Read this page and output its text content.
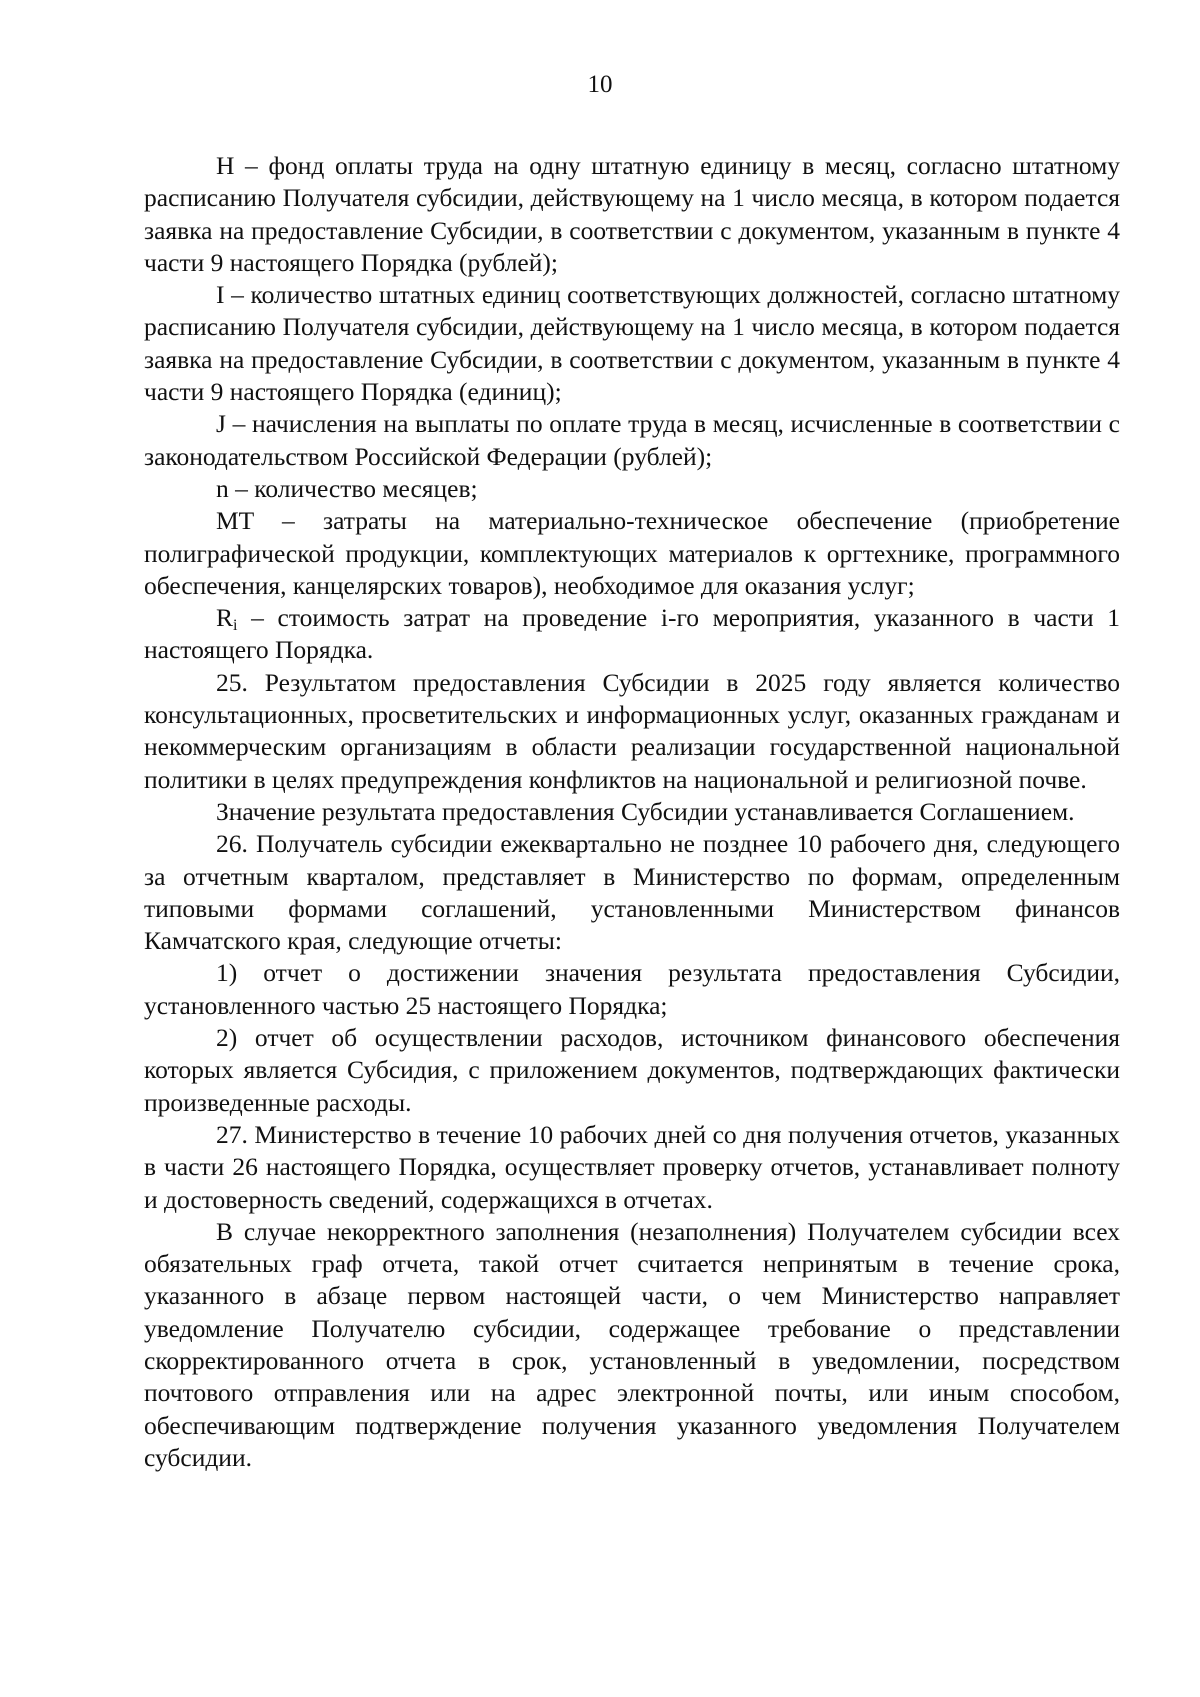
10

H – фонд оплаты труда на одну штатную единицу в месяц, согласно штатному расписанию Получателя субсидии, действующему на 1 число месяца, в котором подается заявка на предоставление Субсидии, в соответствии с документом, указанным в пункте 4 части 9 настоящего Порядка (рублей);

I – количество штатных единиц соответствующих должностей, согласно штатному расписанию Получателя субсидии, действующему на 1 число месяца, в котором подается заявка на предоставление Субсидии, в соответствии с документом, указанным в пункте 4 части 9 настоящего Порядка (единиц);

J – начисления на выплаты по оплате труда в месяц, исчисленные в соответствии с законодательством Российской Федерации (рублей);

n – количество месяцев;

MT – затраты на материально-техническое обеспечение (приобретение полиграфической продукции, комплектующих материалов к оргтехнике, программного обеспечения, канцелярских товаров), необходимое для оказания услуг;

$R_i$ – стоимость затрат на проведение i-го мероприятия, указанного в части 1 настоящего Порядка.

25. Результатом предоставления Субсидии в 2025 году является количество консультационных, просветительских и информационных услуг, оказанных гражданам и некоммерческим организациям в области реализации государственной национальной политики в целях предупреждения конфликтов на национальной и религиозной почве.

Значение результата предоставления Субсидии устанавливается Соглашением.

26. Получатель субсидии ежеквартально не позднее 10 рабочего дня, следующего за отчетным кварталом, представляет в Министерство по формам, определенным типовыми формами соглашений, установленными Министерством финансов Камчатского края, следующие отчеты:

1) отчет о достижении значения результата предоставления Субсидии, установленного частью 25 настоящего Порядка;

2) отчет об осуществлении расходов, источником финансового обеспечения которых является Субсидия, с приложением документов, подтверждающих фактически произведенные расходы.

27. Министерство в течение 10 рабочих дней со дня получения отчетов, указанных в части 26 настоящего Порядка, осуществляет проверку отчетов, устанавливает полноту и достоверность сведений, содержащихся в отчетах.

В случае некорректного заполнения (незаполнения) Получателем субсидии всех обязательных граф отчета, такой отчет считается непринятым в течение срока, указанного в абзаце первом настоящей части, о чем Министерство направляет уведомление Получателю субсидии, содержащее требование о представлении скорректированного отчета в срок, установленный в уведомлении, посредством почтового отправления или на адрес электронной почты, или иным способом, обеспечивающим подтверждение получения указанного уведомления Получателем субсидии.
